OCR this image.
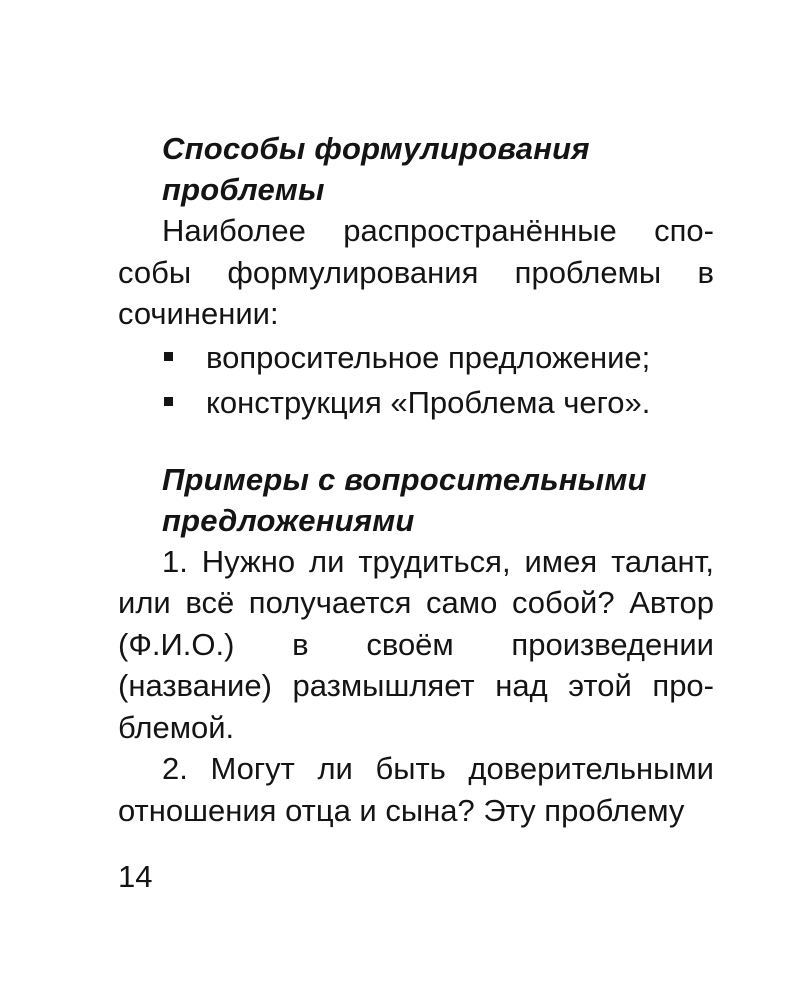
Способы формулирования
проблемы

Наиболее распространённые способы формулирования проблемы в сочинении:

вопросительное предложение;
конструкция «Проблема чего».
Примеры с вопросительными
предложениями

1. Нужно ли трудиться, имея талант, или всё получается само собой? Автор (Ф.И.О.) в своём произведении (название) размышляет над этой проблемой.

2. Могут ли быть доверительными отношения отца и сына? Эту проблему

14
